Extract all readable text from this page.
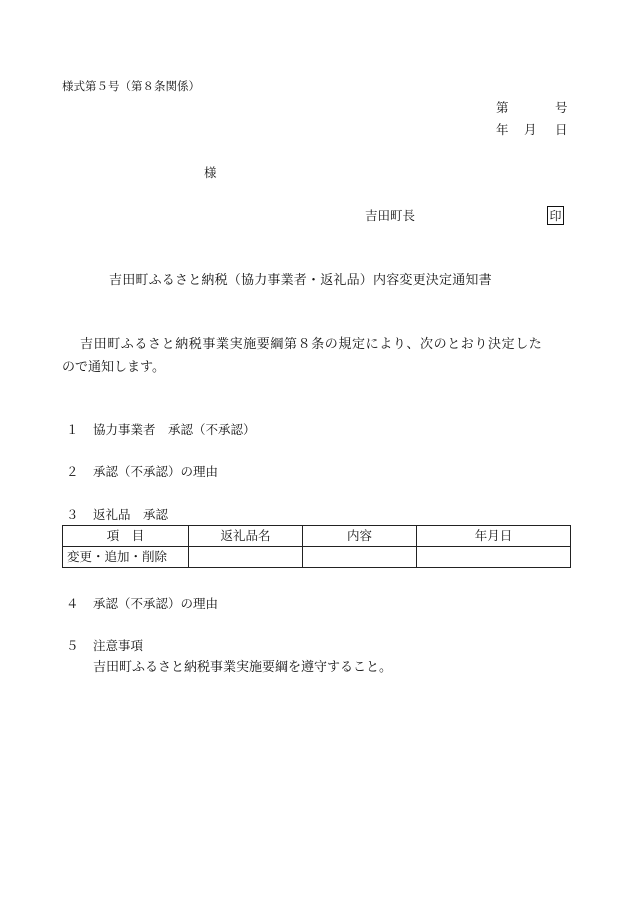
様式第５号（第８条関係）
第	号
年 月 日
様
吉田町長	印
吉田町ふるさと納税（協力事業者・返礼品）内容変更決定通知書
吉田町ふるさと納税事業実施要綱第８条の規定により、次のとおり決定した
ので通知します。
１ 協力事業者　承認（不承認）
２ 承認（不承認）の理由
３ 返礼品　承認
項　目	返礼品名	内容	年月日
変更・追加・削除			
４ 承認（不承認）の理由
５ 注意事項
吉田町ふるさと納税事業実施要綱を遵守すること。
